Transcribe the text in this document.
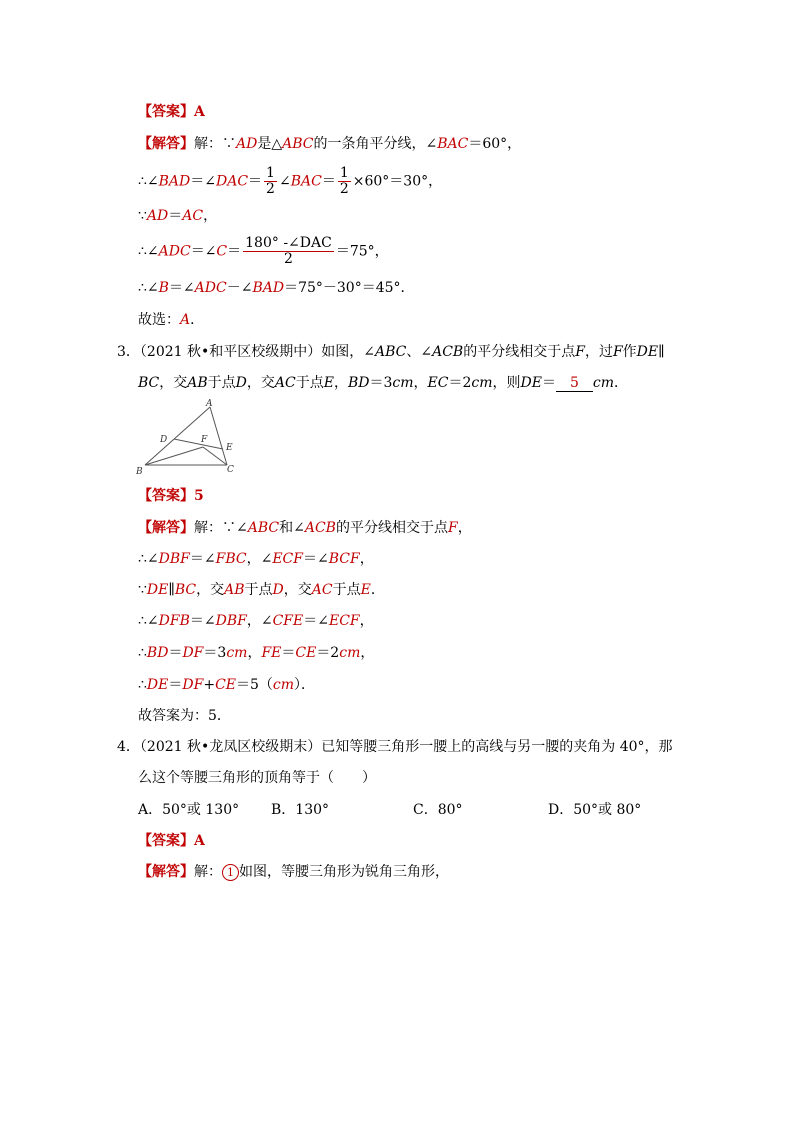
【答案】A
【解答】解：∵AD是△ABC的一条角平分线，∠BAC＝60°，
∴∠BAD＝∠DAC＝ $\frac{1}{2}$ ∠BAC＝ $\frac{1}{2} \times 60^\circ=30^\circ$，
∵AD＝AC，
∴∠ADC＝∠C＝ $\frac{\text{180° -∠DAC}}{2} =75^\circ$，
∴∠B＝∠ADC－∠BAD＝75°－30°＝45°．
故选：A．
3．（2021 秋•和平区校级期中）如图，∠ABC、∠ACB的平分线相交于点F，过F作DE∥
BC，交AB于点D，交AC于点E，BD＝3cm，EC＝2cm，则DE＝ 5 cm．
A
D	F
E
B	C
【答案】5
【解答】解：∵∠ABC和∠ACB的平分线相交于点F，
∴∠DBF＝∠FBC，∠ECF＝∠BCF，
∵DE∥BC，交AB于点D，交AC于点E．
∴∠DFB＝∠DBF，∠CFE＝∠ECF，
∴BD＝DF＝3cm，FE＝CE＝2cm，
∴DE＝DF+CE＝5（cm）．
故答案为：5．
4．（2021 秋•龙凤区校级期末）已知等腰三角形一腰上的高线与另一腰的夹角为 40°，那
么这个等腰三角形的顶角等于（　　）
A．50°或 130° B．130°	C．80°	D．50°或 80°
【答案】A
【解答】解： 1 如图，等腰三角形为锐角三角形，
